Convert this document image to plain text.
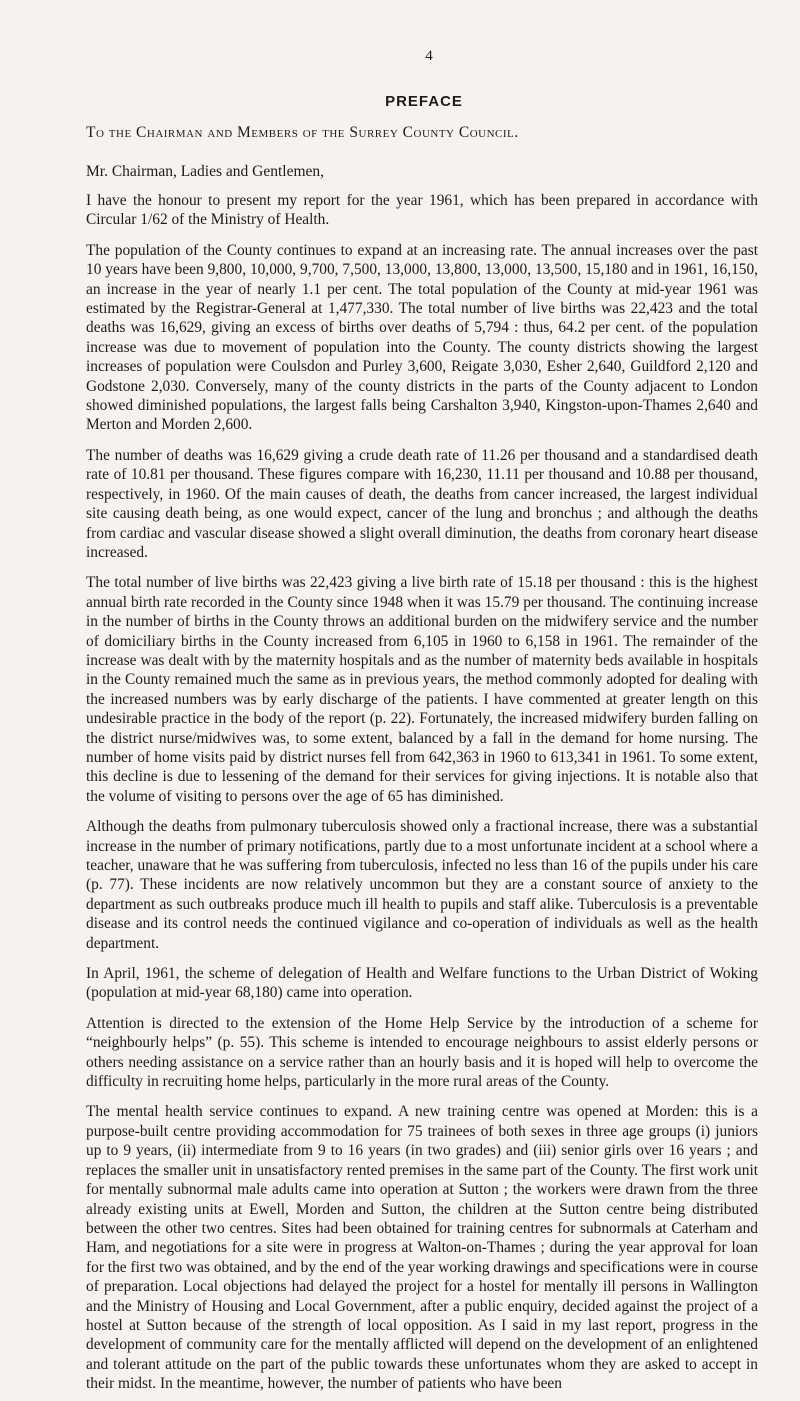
4
PREFACE
To the Chairman and Members of the Surrey County Council.
Mr. Chairman, Ladies and Gentlemen,

I have the honour to present my report for the year 1961, which has been prepared in accordance with Circular 1/62 of the Ministry of Health.

The population of the County continues to expand at an increasing rate. The annual increases over the past 10 years have been 9,800, 10,000, 9,700, 7,500, 13,000, 13,800, 13,000, 13,500, 15,180 and in 1961, 16,150, an increase in the year of nearly 1.1 per cent. The total population of the County at mid-year 1961 was estimated by the Registrar-General at 1,477,330. The total number of live births was 22,423 and the total deaths was 16,629, giving an excess of births over deaths of 5,794 : thus, 64.2 per cent. of the population increase was due to movement of population into the County. The county districts showing the largest increases of population were Coulsdon and Purley 3,600, Reigate 3,030, Esher 2,640, Guildford 2,120 and Godstone 2,030. Conversely, many of the county districts in the parts of the County adjacent to London showed diminished populations, the largest falls being Carshalton 3,940, Kingston-upon-Thames 2,640 and Merton and Morden 2,600.

The number of deaths was 16,629 giving a crude death rate of 11.26 per thousand and a standardised death rate of 10.81 per thousand. These figures compare with 16,230, 11.11 per thousand and 10.88 per thousand, respectively, in 1960. Of the main causes of death, the deaths from cancer increased, the largest individual site causing death being, as one would expect, cancer of the lung and bronchus ; and although the deaths from cardiac and vascular disease showed a slight overall diminution, the deaths from coronary heart disease increased.

The total number of live births was 22,423 giving a live birth rate of 15.18 per thousand : this is the highest annual birth rate recorded in the County since 1948 when it was 15.79 per thousand. The continuing increase in the number of births in the County throws an additional burden on the midwifery service and the number of domiciliary births in the County increased from 6,105 in 1960 to 6,158 in 1961. The remainder of the increase was dealt with by the maternity hospitals and as the number of maternity beds available in hospitals in the County remained much the same as in previous years, the method commonly adopted for dealing with the increased numbers was by early discharge of the patients. I have commented at greater length on this undesirable practice in the body of the report (p. 22). Fortunately, the increased midwifery burden falling on the district nurse/midwives was, to some extent, balanced by a fall in the demand for home nursing. The number of home visits paid by district nurses fell from 642,363 in 1960 to 613,341 in 1961. To some extent, this decline is due to lessening of the demand for their services for giving injections. It is notable also that the volume of visiting to persons over the age of 65 has diminished.

Although the deaths from pulmonary tuberculosis showed only a fractional increase, there was a substantial increase in the number of primary notifications, partly due to a most unfortunate incident at a school where a teacher, unaware that he was suffering from tuberculosis, infected no less than 16 of the pupils under his care (p. 77). These incidents are now relatively uncommon but they are a constant source of anxiety to the department as such outbreaks produce much ill health to pupils and staff alike. Tuberculosis is a preventable disease and its control needs the continued vigilance and co-operation of individuals as well as the health department.

In April, 1961, the scheme of delegation of Health and Welfare functions to the Urban District of Woking (population at mid-year 68,180) came into operation.

Attention is directed to the extension of the Home Help Service by the introduction of a scheme for “neighbourly helps” (p. 55). This scheme is intended to encourage neighbours to assist elderly persons or others needing assistance on a service rather than an hourly basis and it is hoped will help to overcome the difficulty in recruiting home helps, particularly in the more rural areas of the County.

The mental health service continues to expand. A new training centre was opened at Morden: this is a purpose-built centre providing accommodation for 75 trainees of both sexes in three age groups (i) juniors up to 9 years, (ii) intermediate from 9 to 16 years (in two grades) and (iii) senior girls over 16 years ; and replaces the smaller unit in unsatisfactory rented premises in the same part of the County. The first work unit for mentally subnormal male adults came into operation at Sutton ; the workers were drawn from the three already existing units at Ewell, Morden and Sutton, the children at the Sutton centre being distributed between the other two centres. Sites had been obtained for training centres for subnormals at Caterham and Ham, and negotiations for a site were in progress at Walton-on-Thames ; during the year approval for loan for the first two was obtained, and by the end of the year working drawings and specifications were in course of preparation. Local objections had delayed the project for a hostel for mentally ill persons in Wallington and the Ministry of Housing and Local Government, after a public enquiry, decided against the project of a hostel at Sutton because of the strength of local opposition. As I said in my last report, progress in the development of community care for the mentally afflicted will depend on the development of an enlightened and tolerant attitude on the part of the public towards these unfortunates whom they are asked to accept in their midst. In the meantime, however, the number of patients who have been
